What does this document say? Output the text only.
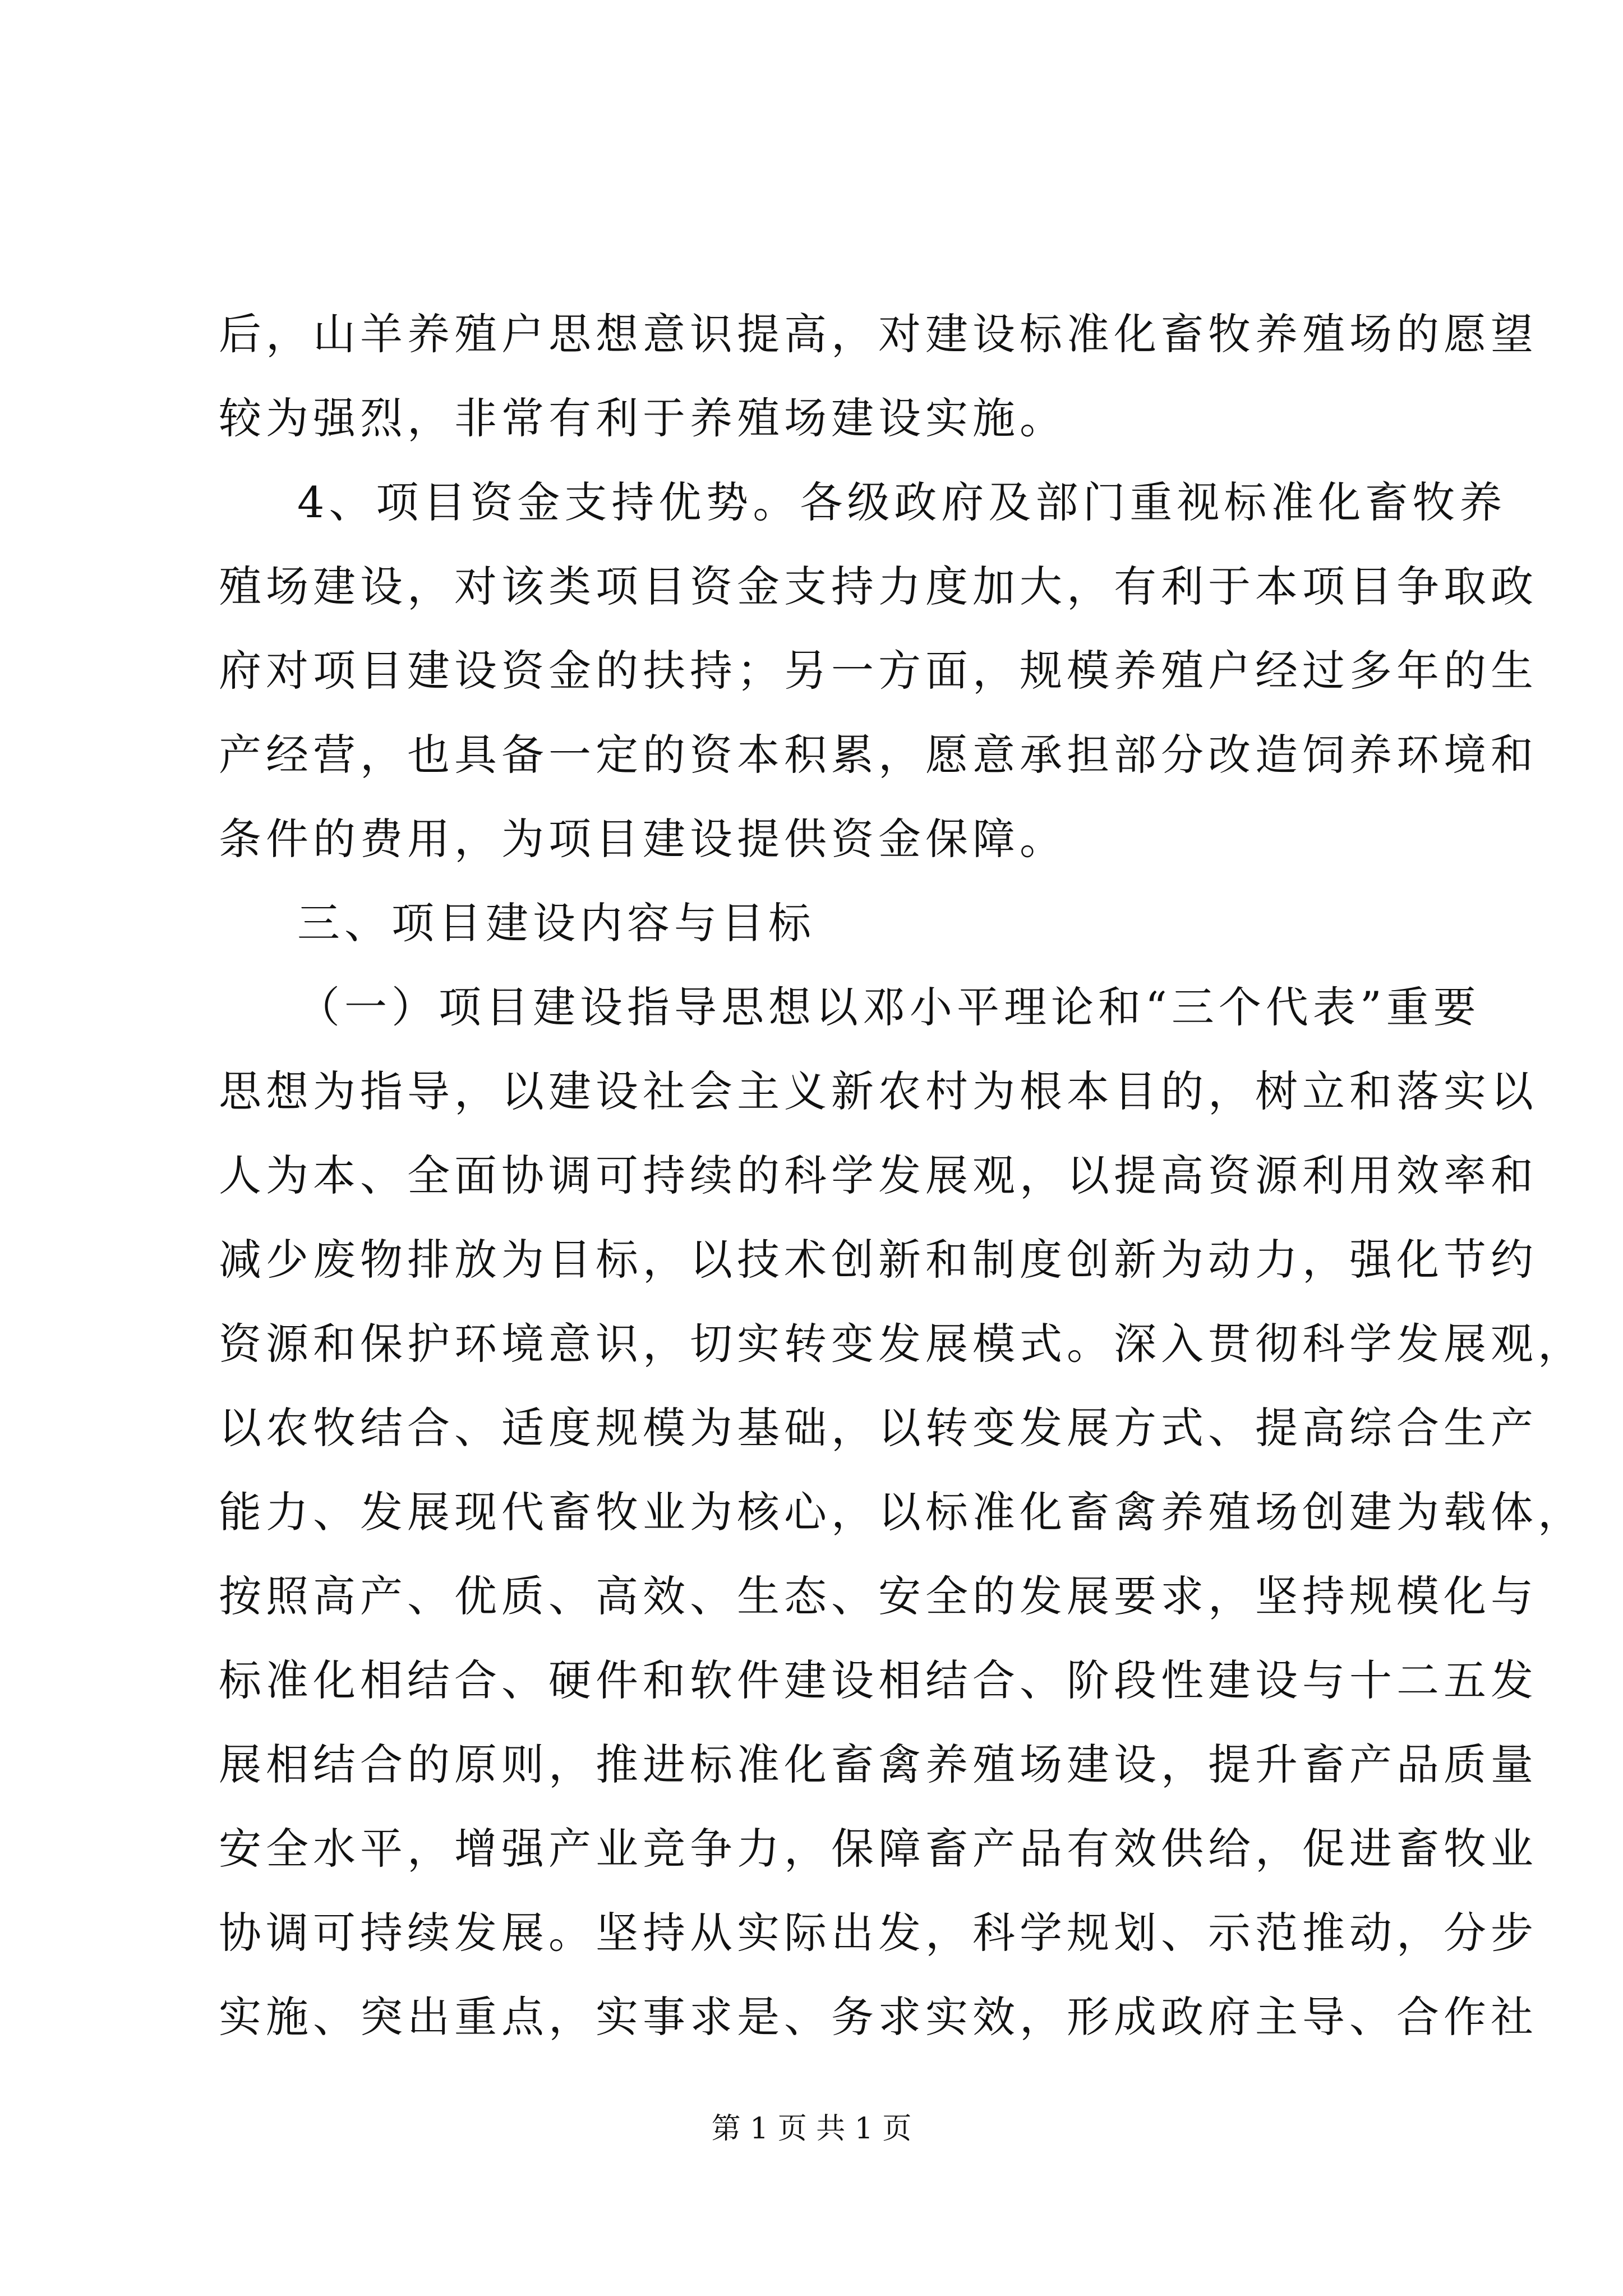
后，山羊养殖户思想意识提高，对建设标准化畜牧养殖场的愿望
较为强烈，非常有利于养殖场建设实施。
4、项目资金支持优势。各级政府及部门重视标准化畜牧养
殖场建设，对该类项目资金支持力度加大，有利于本项目争取政
府对项目建设资金的扶持；另一方面，规模养殖户经过多年的生
产经营，也具备一定的资本积累，愿意承担部分改造饲养环境和
条件的费用，为项目建设提供资金保障。
三、项目建设内容与目标
（一）项目建设指导思想以邓小平理论和“三个代表”重要
思想为指导，以建设社会主义新农村为根本目的，树立和落实以
人为本、全面协调可持续的科学发展观，以提高资源利用效率和
减少废物排放为目标，以技术创新和制度创新为动力，强化节约
资源和保护环境意识，切实转变发展模式。深入贯彻科学发展观，
以农牧结合、适度规模为基础，以转变发展方式、提高综合生产
能力、发展现代畜牧业为核心，以标准化畜禽养殖场创建为载体，
按照高产、优质、高效、生态、安全的发展要求，坚持规模化与
标准化相结合、硬件和软件建设相结合、阶段性建设与十二五发
展相结合的原则，推进标准化畜禽养殖场建设，提升畜产品质量
安全水平，增强产业竞争力，保障畜产品有效供给，促进畜牧业
协调可持续发展。坚持从实际出发，科学规划、示范推动，分步
实施、突出重点，实事求是、务求实效，形成政府主导、合作社
第 1 页 共 1 页
